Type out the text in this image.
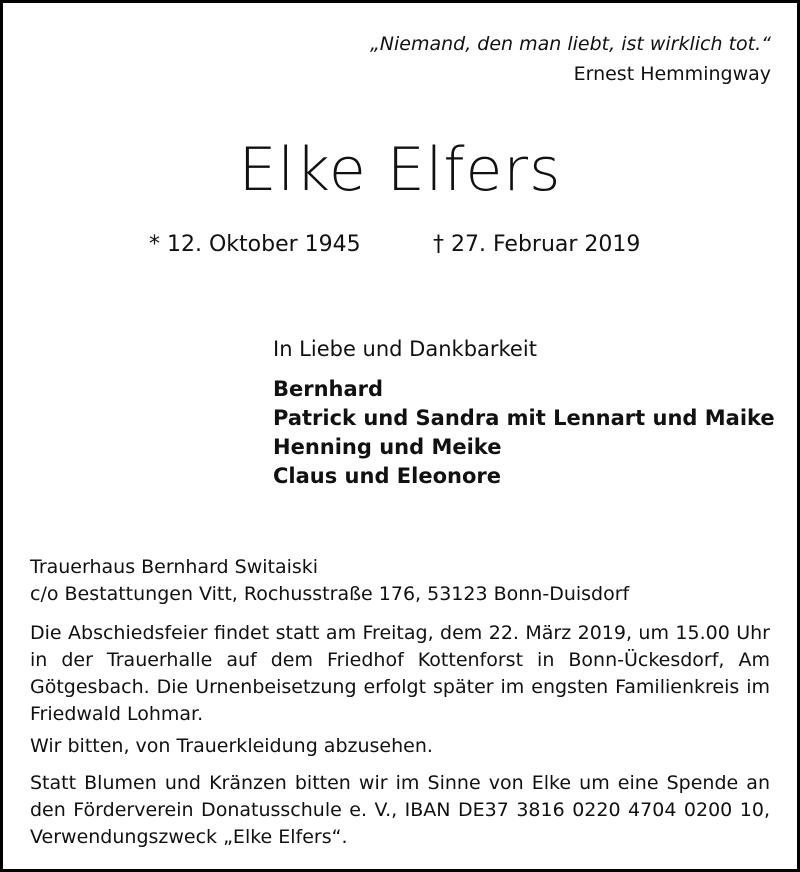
„Niemand, den man liebt, ist wirklich tot.“
Ernest Hemmingway
Elke Elfers
* 12. Oktober 1945	† 27. Februar 2019
In Liebe und Dankbarkeit
Bernhard
Patrick und Sandra mit Lennart und Maike
Henning und Meike
Claus und Eleonore
Trauerhaus Bernhard Switaiski
c/o Bestattungen Vitt, Rochusstraße 176, 53123 Bonn-Duisdorf
Die Abschiedsfeier findet statt am Freitag, dem 22. März 2019, um 15.00 Uhr in der Trauerhalle auf dem Friedhof Kottenforst in Bonn-Ückesdorf, Am Götgesbach. Die Urnenbeisetzung erfolgt später im engsten Familienkreis im Friedwald Lohmar.
Wir bitten, von Trauerkleidung abzusehen.
Statt Blumen und Kränzen bitten wir im Sinne von Elke um eine Spende an den Förderverein Donatusschule e. V., IBAN DE37 3816 0220 4704 0200 10, Verwendungszweck „Elke Elfers“.
